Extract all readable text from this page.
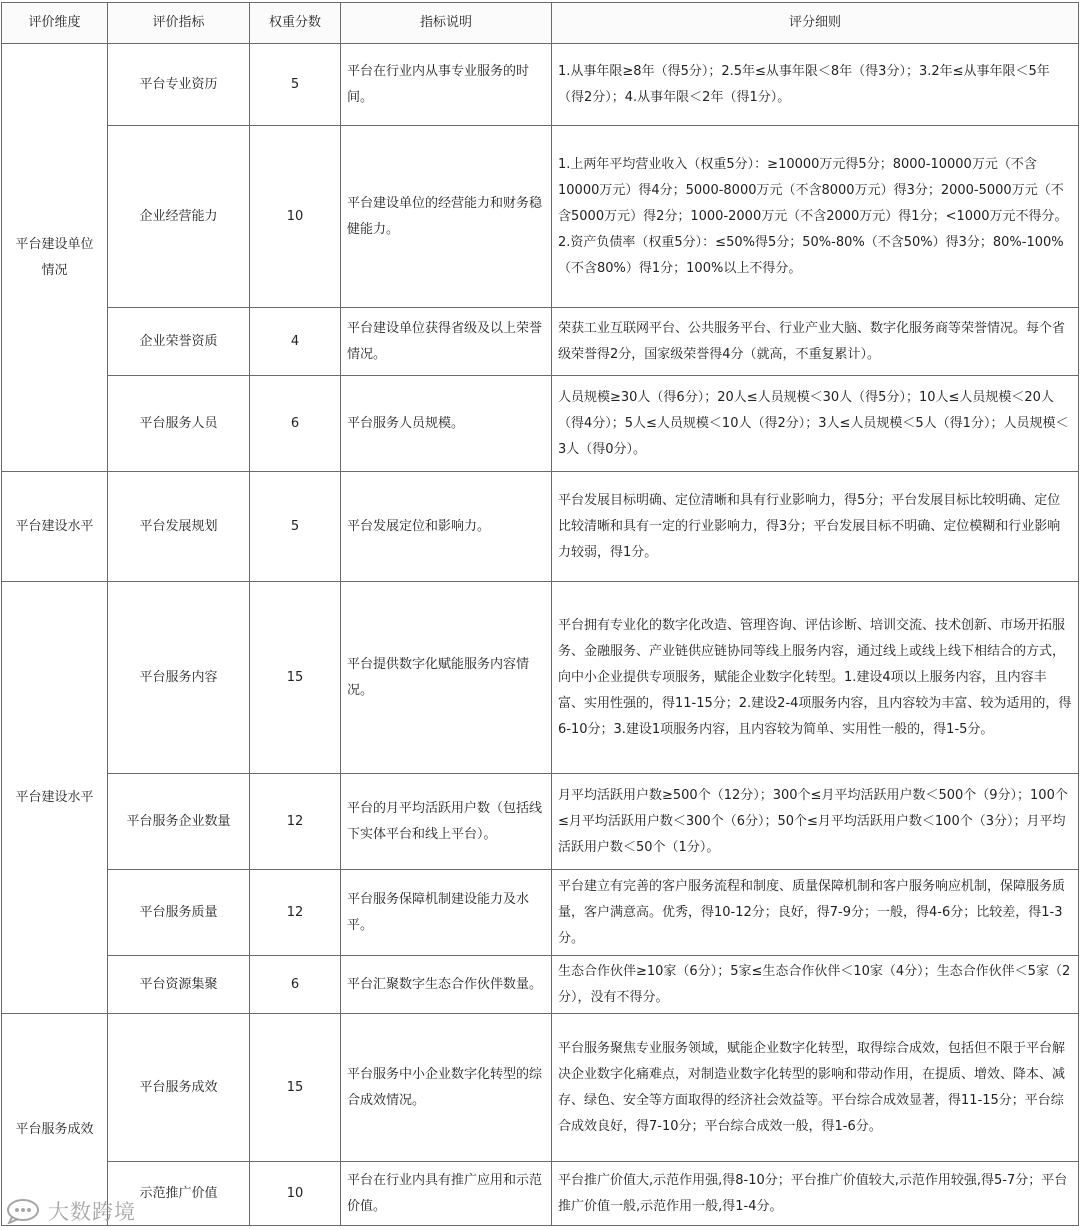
评价维度	评价指标	权重分数	指标说明	评分细则
平台建设单位情况	平台专业资历	5	平台在行业内从事专业服务的时间。	1.从事年限≥8年（得5分）；2.5年≤从事年限＜8年（得3分）；3.2年≤从事年限＜5年（得2分）；4.从事年限＜2年（得1分）。
	企业经营能力	10	平台建设单位的经营能力和财务稳健能力。	1.上两年平均营业收入（权重5分）：≥10000万元得5分；8000-10000万元（不含10000万元）得4分；5000-8000万元（不含8000万元）得3分；2000-5000万元（不含5000万元）得2分；1000-2000万元（不含2000万元）得1分；<1000万元不得分。2.资产负债率（权重5分）：≤50%得5分；50%-80%（不含50%）得3分；80%-100%（不含80%）得1分；100%以上不得分。
	企业荣誉资质	4	平台建设单位获得省级及以上荣誉情况。	荣获工业互联网平台、公共服务平台、行业产业大脑、数字化服务商等荣誉情况。每个省级荣誉得2分，国家级荣誉得4分（就高，不重复累计）。
	平台服务人员	6	平台服务人员规模。	人员规模≥30人（得6分）；20人≤人员规模＜30人（得5分）；10人≤人员规模＜20人（得4分）；5人≤人员规模＜10人（得2分）；3人≤人员规模＜5人（得1分）；人员规模＜3人（得0分）。
平台建设水平	平台发展规划	5	平台发展定位和影响力。	平台发展目标明确、定位清晰和具有行业影响力，得5分；平台发展目标比较明确、定位比较清晰和具有一定的行业影响力，得3分；平台发展目标不明确、定位模糊和行业影响力较弱，得1分。
平台建设水平	平台服务内容	15	平台提供数字化赋能服务内容情况。	平台拥有专业化的数字化改造、管理咨询、评估诊断、培训交流、技术创新、市场开拓服务、金融服务、产业链供应链协同等线上服务内容，通过线上或线上线下相结合的方式，向中小企业提供专项服务，赋能企业数字化转型。1.建设4项以上服务内容，且内容丰富、实用性强的，得11-15分；2.建设2-4项服务内容，且内容较为丰富、较为适用的，得6-10分；3.建设1项服务内容，且内容较为简单、实用性一般的，得1-5分。
	平台服务企业数量	12	平台的月平均活跃用户数（包括线下实体平台和线上平台）。	月平均活跃用户数≥500个（12分）；300个≤月平均活跃用户数＜500个（9分）；100个≤月平均活跃用户数＜300个（6分）；50个≤月平均活跃用户数＜100个（3分）；月平均活跃用户数＜50个（1分）。
	平台服务质量	12	平台服务保障机制建设能力及水平。	平台建立有完善的客户服务流程和制度、质量保障机制和客户服务响应机制，保障服务质量，客户满意高。优秀，得10-12分；良好，得7-9分；一般，得4-6分；比较差，得1-3分。
	平台资源集聚	6	平台汇聚数字生态合作伙伴数量。	生态合作伙伴≥10家（6分）；5家≤生态合作伙伴＜10家（4分）；生态合作伙伴＜5家（2分），没有不得分。
平台服务成效	平台服务成效	15	平台服务中小企业数字化转型的综合成效情况。	平台服务聚焦专业服务领域，赋能企业数字化转型，取得综合成效，包括但不限于平台解决企业数字化痛难点，对制造业数字化转型的影响和带动作用，在提质、增效、降本、减存、绿色、安全等方面取得的经济社会效益等。平台综合成效显著，得11-15分；平台综合成效良好，得7-10分；平台综合成效一般，得1-6分。
	示范推广价值	10	平台在行业内具有推广应用和示范价值。	平台推广价值大,示范作用强,得8-10分；平台推广价值较大,示范作用较强,得5-7分；平台推广价值一般,示范作用一般,得1-4分。
大数跨境
